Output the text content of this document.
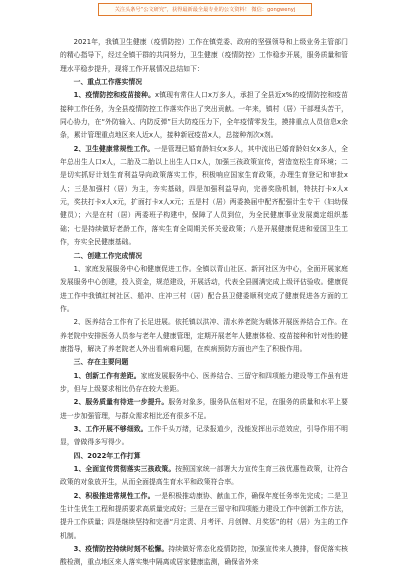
关注头条号“公文研究”，获得最新最全最专业的公文资料！ 微信：gongwenyj

2021年，我镇卫生健康（疫情防控）工作在镇党委、政府的坚强领导和上级业务主管部门的精心指导下，经过全镇干群的共同努力，卫生健康（疫情防控）工作稳步开展，服务质量和管理水平稳步提升，现将工作开展情况总结如下：

一、重点工作落实情况

1、疫情防控和疫苗接种。x镇现有常住人口x万多人，承担了全县近x%的疫情防控和疫苗接种工作任务，为全县疫情防控工作落实作出了突出贡献。一年来，镇村（居）干部埋头苦干，同心协力，在“外防输入、内防反弹”巨大防疫压力下，全年疫情零发生，摸排重点人员信息x余条，累计管理重点地区来人近x人，接种新冠疫苗x人，总接种剂次x剂。

2、卫生健康常规性工作。一是管理已婚育龄妇女x多人，其中流出已婚育龄妇女x多人，全年总出生人口x人，二胎及二胎以上出生人口x人，加强三孩政策宣传，营造宽松生育环境；二是切实抓好计划生育利益导向政策落实工作，积极响应国家生育政策，办理生育登记和审批x人；三是加强村（居）为主，夯实基础，四是加强利益导向，完善奖励机制，特扶打卡x人x元，奖扶打卡x人x元，扩面打卡x人x元；五是村（居）两委换届中配齐配强计生专干（妇幼保健员）；六是在村（居）两委班子构建中，保障了人员到位，为全民健康事业发展奠定组织基础；七是持续做好老龄工作，落实生育全周期关怀关爱政策；八是开展健康促进和爱国卫生工作，夯实全民健康基础。

二、创建工作完成情况

1、家庭发展服务中心和健康促进工作。全镇以青山社区、新河社区为中心，全面开展家庭发展服务中心创建，投入资金，规范建设，开展活动，代表全县圆满完成上级评估验收。健康促进工作中我镇红树社区、船冲、庄冲三村（居）配合县卫健委顺利完成了健康促进各方面的工作。

2、医养结合工作有了长足进展。依托镇以洪冲、清水养老院为载体开展医养结合工作。在养老院中安排医务人员参与老年人健康管理，定期开展老年人健康体检、疫苗接种和针对性的健康指导，解决了养老院老人外出看病难问题，在疾病预防方面也产生了积极作用。

三、存在主要问题

1、创新工作有差距。家庭发展服务中心、医养结合、三留守和四项能力建设等工作虽有进步，但与上级要求相比仍存在较大差距。

2、服务质量有待进一步提升。服务对象多，服务队伍相对不足，在服务的质量和水平上要进一步加强管理，与群众需求相比还有很多不足。

3、工作开展不够细致。工作千头万绪，记录报道少，没能发挥出示范效应，引导作用不明显，曾做得多写得少。

四、2022年工作打算

1、全面宣传贯彻落实三孩政策。按照国家统一部署大力宣传生育三孩优惠性政策，让符合政策的对象放开生，从而全面提高生育水平和政策符合率。

2、积极推进常规性工作。一是积极推动康协、献血工作，确保年度任务率先完成；二是卫生计生优生工程和提质要求高质量完成好；三是在三留守和四项能力建设工作中创新工作方法，提升工作质量；四是继续坚持和完善“月定责、月考评、月创牌、月奖惩”的村（居）为主的工作机制。

3、疫情防控持续时刻不松懈。持续做好常态化疫情防控，加强宣传来人摸排，督促落实核酸检测，重点地区来人落实集中隔离或居家健康监测，确保省外来
